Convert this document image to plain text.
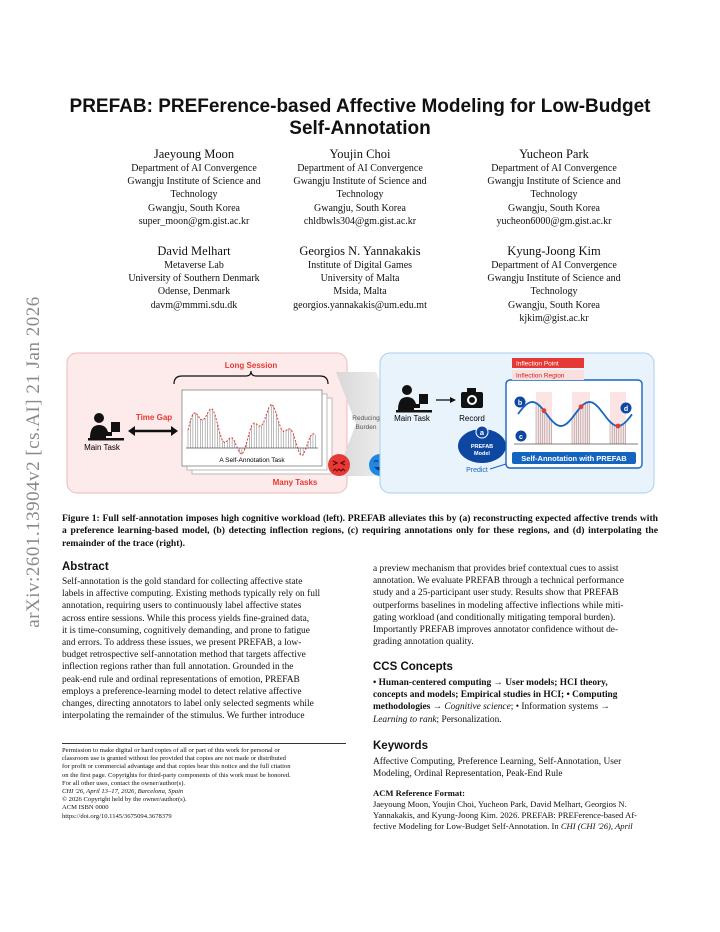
arXiv:2601.13904v2 [cs.AI] 21 Jan 2026
PREFAB: PREFerence-based Affective Modeling for Low-Budget
Self-Annotation
Jaeyoung Moon
Department of AI Convergence
Gwangju Institute of Science and
Technology
Gwangju, South Korea
super_moon@gm.gist.ac.kr
Youjin Choi
Department of AI Convergence
Gwangju Institute of Science and
Technology
Gwangju, South Korea
chldbwls304@gm.gist.ac.kr
Yucheon Park
Department of AI Convergence
Gwangju Institute of Science and
Technology
Gwangju, South Korea
yucheon6000@gm.gist.ac.kr
David Melhart
Metaverse Lab
University of Southern Denmark
Odense, Denmark
davm@mmmi.sdu.dk
Georgios N. Yannakakis
Institute of Digital Games
University of Malta
Msida, Malta
georgios.yannakakis@um.edu.mt
Kyung-Joong Kim
Department of AI Convergence
Gwangju Institute of Science and
Technology
Gwangju, South Korea
kjkim@gist.ac.kr
Main Task
Time Gap
Long Session
A Self-Annotation Task
Many Tasks
Reducing
Burden
Main Task	Record
a
PREFAB
Model
Predict
Inflection Point
Inflection Region
b
c
d
Self-Annotation with PREFAB
Figure 1: Full self-annotation imposes high cognitive workload (left). PREFAB alleviates this by (a) reconstructing expected affective trends with a preference learning-based model, (b) detecting inflection regions, (c) requiring annotations only for these regions, and (d) interpolating the remainder of the trace (right).
Abstract
Self-annotation is the gold standard for collecting affective state
labels in affective computing. Existing methods typically rely on full
annotation, requiring users to continuously label affective states
across entire sessions. While this process yields fine-grained data,
it is time-consuming, cognitively demanding, and prone to fatigue
and errors. To address these issues, we present PREFAB, a low-
budget retrospective self-annotation method that targets affective
inflection regions rather than full annotation. Grounded in the
peak-end rule and ordinal representations of emotion, PREFAB
employs a preference-learning model to detect relative affective
changes, directing annotators to label only selected segments while
interpolating the remainder of the stimulus. We further introduce
a preview mechanism that provides brief contextual cues to assist
annotation. We evaluate PREFAB through a technical performance
study and a 25-participant user study. Results show that PREFAB
outperforms baselines in modeling affective inflections while miti-
gating workload (and conditionally mitigating temporal burden).
Importantly PREFAB improves annotator confidence without de-
grading annotation quality.
CCS Concepts
• Human-centered computing → User models; HCI theory,
concepts and models; Empirical studies in HCI; • Computing
methodologies → Cognitive science; • Information systems →
Learning to rank; Personalization.
Keywords
Affective Computing, Preference Learning, Self-Annotation, User
Modeling, Ordinal Representation, Peak-End Rule
ACM Reference Format:
Jaeyoung Moon, Youjin Choi, Yucheon Park, David Melhart, Georgios N.
Yannakakis, and Kyung-Joong Kim. 2026. PREFAB: PREFerence-based Af-
fective Modeling for Low-Budget Self-Annotation. In CHI (CHI '26), April
Permission to make digital or hard copies of all or part of this work for personal or
classroom use is granted without fee provided that copies are not made or distributed
for profit or commercial advantage and that copies bear this notice and the full citation
on the first page. Copyrights for third-party components of this work must be honored.
For all other uses, contact the owner/author(s).
CHI '26, April 13–17, 2026, Barcelona, Spain
© 2026 Copyright held by the owner/author(s).
ACM ISBN 0000
https://doi.org/10.1145/3675094.3678379
